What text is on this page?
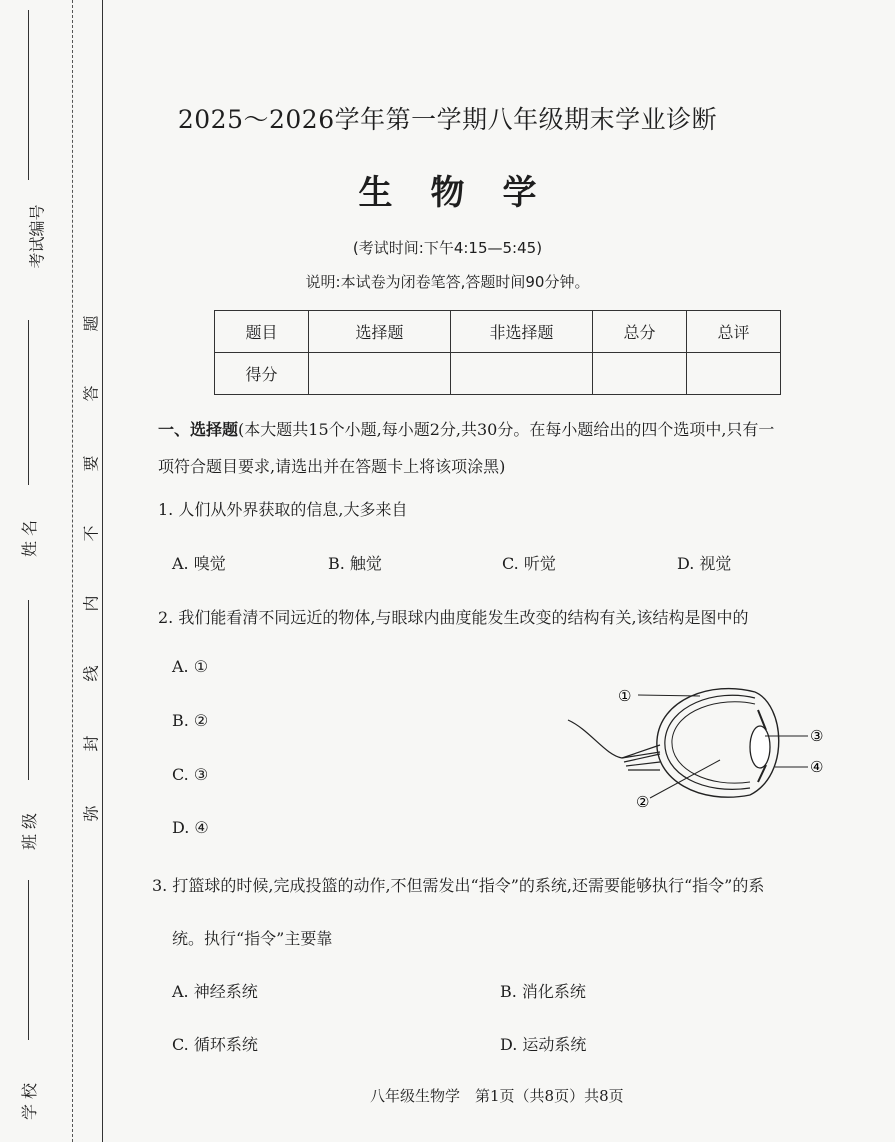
考试编号
姓 名
班 级
学 校
题
答
要
不
内
线
封
弥
2025～2026学年第一学期八年级期末学业诊断
生物学
(考试时间:下午4:15—5:45)
说明:本试卷为闭卷笔答,答题时间90分钟。
题目	选择题	非选择题	总分	总评
得分				
一、选择题(本大题共15个小题,每小题2分,共30分。在每小题给出的四个选项中,只有一
项符合题目要求,请选出并在答题卡上将该项涂黑)
1. 人们从外界获取的信息,大多来自
A. 嗅觉	B. 触觉	C. 听觉	D. 视觉
2. 我们能看清不同远近的物体,与眼球内曲度能发生改变的结构有关,该结构是图中的
A. ①
B. ②
C. ③
D. ④
①
②
③
④
3. 打篮球的时候,完成投篮的动作,不但需发出“指令”的系统,还需要能够执行“指令”的系
统。执行“指令”主要靠
A. 神经系统	B. 消化系统
C. 循环系统	D. 运动系统
八年级生物学　第1页（共8页）共8页
